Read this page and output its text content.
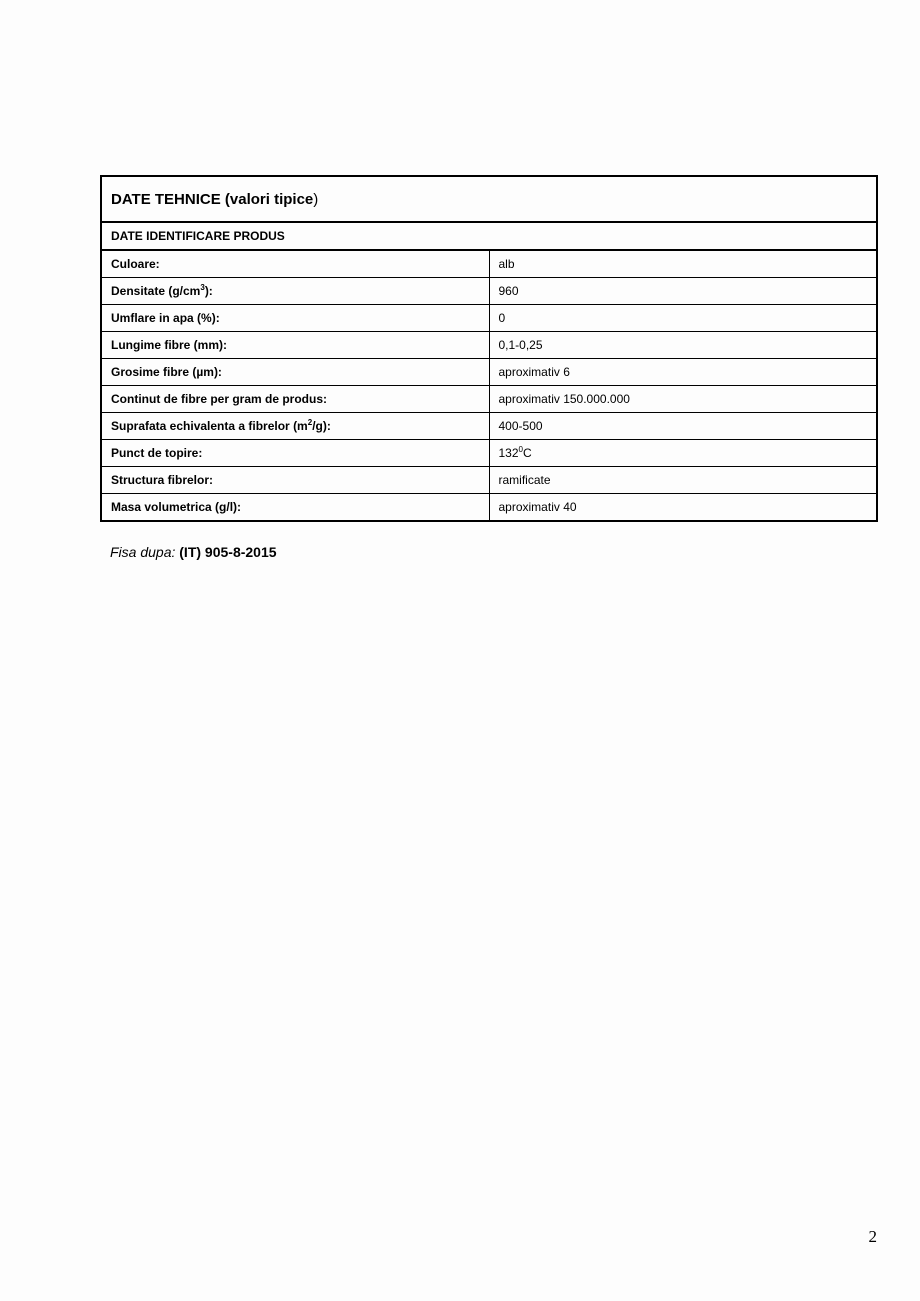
DATE TEHNICE (valori tipice)	
DATE IDENTIFICARE PRODUS	
Culoare:	alb
Densitate $(g/cm^3)$:	960
Umflare in apa (%):	0
Lungime fibre (mm):	0,1-0,25
Grosime fibre (µm):	aproximativ 6
Continut de fibre per gram de produs:	aproximativ 150.000.000
Suprafata echivalenta a fibrelor $(m^2/g)$:	400-500
Punct de topire:	$132^0C$
Structura fibrelor:	ramificate
Masa volumetrica (g/l):	aproximativ 40
Fisa dupa: (IT) 905-8-2015
2
